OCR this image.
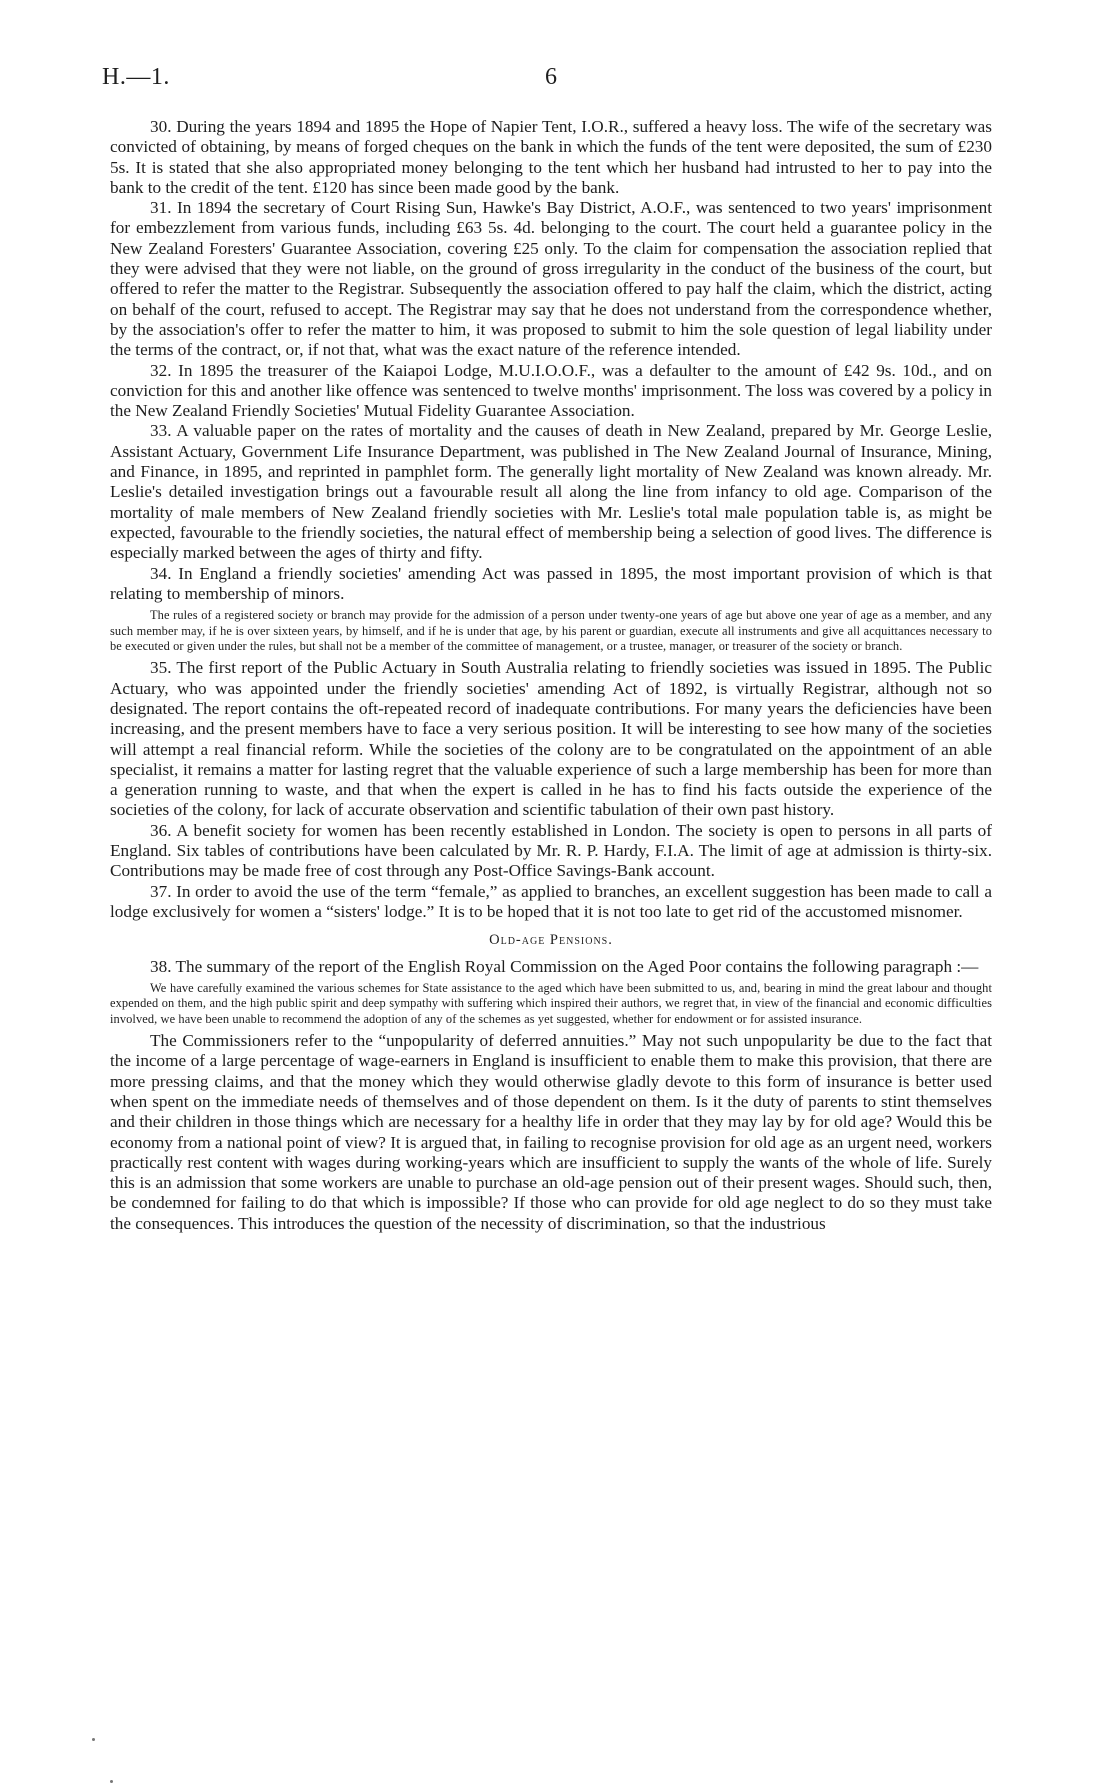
H.—1.	6

30. During the years 1894 and 1895 the Hope of Napier Tent, I.O.R., suffered a heavy loss. The wife of the secretary was convicted of obtaining, by means of forged cheques on the bank in which the funds of the tent were deposited, the sum of £230 5s. It is stated that she also appropriated money belonging to the tent which her husband had intrusted to her to pay into the bank to the credit of the tent. £120 has since been made good by the bank.

31. In 1894 the secretary of Court Rising Sun, Hawke's Bay District, A.O.F., was sentenced to two years' imprisonment for embezzlement from various funds, including £63 5s. 4d. belonging to the court. The court held a guarantee policy in the New Zealand Foresters' Guarantee Association, covering £25 only. To the claim for compensation the association replied that they were advised that they were not liable, on the ground of gross irregularity in the conduct of the business of the court, but offered to refer the matter to the Registrar. Subsequently the association offered to pay half the claim, which the district, acting on behalf of the court, refused to accept. The Registrar may say that he does not understand from the correspondence whether, by the association's offer to refer the matter to him, it was proposed to submit to him the sole question of legal liability under the terms of the contract, or, if not that, what was the exact nature of the reference intended.

32. In 1895 the treasurer of the Kaiapoi Lodge, M.U.I.O.O.F., was a defaulter to the amount of £42 9s. 10d., and on conviction for this and another like offence was sentenced to twelve months' imprisonment. The loss was covered by a policy in the New Zealand Friendly Societies' Mutual Fidelity Guarantee Association.

33. A valuable paper on the rates of mortality and the causes of death in New Zealand, prepared by Mr. George Leslie, Assistant Actuary, Government Life Insurance Department, was published in The New Zealand Journal of Insurance, Mining, and Finance, in 1895, and reprinted in pamphlet form. The generally light mortality of New Zealand was known already. Mr. Leslie's detailed investigation brings out a favourable result all along the line from infancy to old age. Comparison of the mortality of male members of New Zealand friendly societies with Mr. Leslie's total male population table is, as might be expected, favourable to the friendly societies, the natural effect of membership being a selection of good lives. The difference is especially marked between the ages of thirty and fifty.

34. In England a friendly societies' amending Act was passed in 1895, the most important provision of which is that relating to membership of minors.

The rules of a registered society or branch may provide for the admission of a person under twenty-one years of age but above one year of age as a member, and any such member may, if he is over sixteen years, by himself, and if he is under that age, by his parent or guardian, execute all instruments and give all acquittances necessary to be executed or given under the rules, but shall not be a member of the committee of management, or a trustee, manager, or treasurer of the society or branch.

35. The first report of the Public Actuary in South Australia relating to friendly societies was issued in 1895. The Public Actuary, who was appointed under the friendly societies' amending Act of 1892, is virtually Registrar, although not so designated. The report contains the oft-repeated record of inadequate contributions. For many years the deficiencies have been increasing, and the present members have to face a very serious position. It will be interesting to see how many of the societies will attempt a real financial reform. While the societies of the colony are to be congratulated on the appointment of an able specialist, it remains a matter for lasting regret that the valuable experience of such a large membership has been for more than a generation running to waste, and that when the expert is called in he has to find his facts outside the experience of the societies of the colony, for lack of accurate observation and scientific tabulation of their own past history.

36. A benefit society for women has been recently established in London. The society is open to persons in all parts of England. Six tables of contributions have been calculated by Mr. R. P. Hardy, F.I.A. The limit of age at admission is thirty-six. Contributions may be made free of cost through any Post-Office Savings-Bank account.

37. In order to avoid the use of the term “female,” as applied to branches, an excellent suggestion has been made to call a lodge exclusively for women a “sisters' lodge.” It is to be hoped that it is not too late to get rid of the accustomed misnomer.

Old-age Pensions.

38. The summary of the report of the English Royal Commission on the Aged Poor contains the following paragraph :—

We have carefully examined the various schemes for State assistance to the aged which have been submitted to us, and, bearing in mind the great labour and thought expended on them, and the high public spirit and deep sympathy with suffering which inspired their authors, we regret that, in view of the financial and economic difficulties involved, we have been unable to recommend the adoption of any of the schemes as yet suggested, whether for endowment or for assisted insurance.

The Commissioners refer to the “unpopularity of deferred annuities.” May not such unpopularity be due to the fact that the income of a large percentage of wage-earners in England is insufficient to enable them to make this provision, that there are more pressing claims, and that the money which they would otherwise gladly devote to this form of insurance is better used when spent on the immediate needs of themselves and of those dependent on them. Is it the duty of parents to stint themselves and their children in those things which are necessary for a healthy life in order that they may lay by for old age? Would this be economy from a national point of view? It is argued that, in failing to recognise provision for old age as an urgent need, workers practically rest content with wages during working-years which are insufficient to supply the wants of the whole of life. Surely this is an admission that some workers are unable to purchase an old-age pension out of their present wages. Should such, then, be condemned for failing to do that which is impossible? If those who can provide for old age neglect to do so they must take the consequences. This introduces the question of the necessity of discrimination, so that the industrious
